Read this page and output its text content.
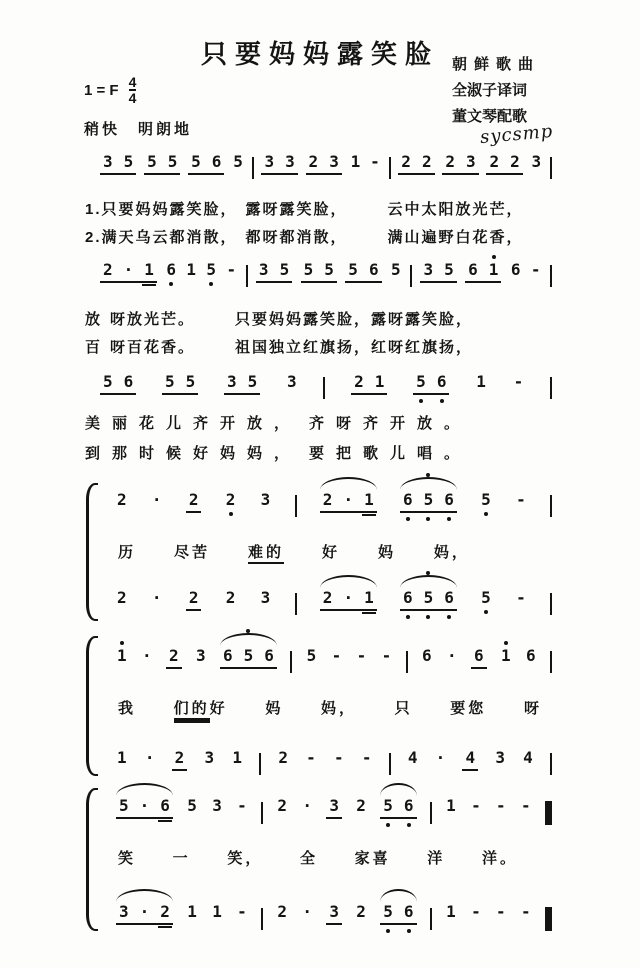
只要妈妈露笑脸 朝鲜歌曲
全淑子译词
董文琴配歌
sycsmp
1 = F $\frac{4}{4}$
稍快　明朗地
3 5 5 5 5 6 5 3 3 2 3 1 - 2 2 2 3 2 2 3
1.只要妈妈露笑脸， 露呀露笑脸，	云中太阳放光芒，
2.满天乌云都消散， 都呀都消散，	满山遍野白花香，
2 · 1 6 1 5 - 3 5 5 5 5 6 5 3 5 6 1 6 -
放 呀放光芒。	只要妈妈露笑脸，露呀露笑脸，
百 呀百花香。	祖国独立红旗扬，红呀红旗扬，
5 6 5 5 3 5 3	2 1 5 6 1 -
美丽花儿齐开放， 齐呀齐开放。
到那时候好妈妈， 要把歌儿唱。
2 · 2 2 3	2 · 1 6 5 6 5 -
历	尽苦	难的	好	妈	妈，
2 · 2 2 3	2 · 1 6 5 6 5 -
1 · 2 3 6 5 6 5 - - - 6 · 6 1 6
我	们的好	妈	妈，	只	要您	呀
1 · 2 3 1 2 - - - 4 · 4 3 4
5 · 6 5 3 - 2 · 3 2 5 6 1 - - -
笑 一 笑， 全 家喜 洋 洋。
3 · 2 1 1 - 2 · 3 2 5 6 1 - - -
